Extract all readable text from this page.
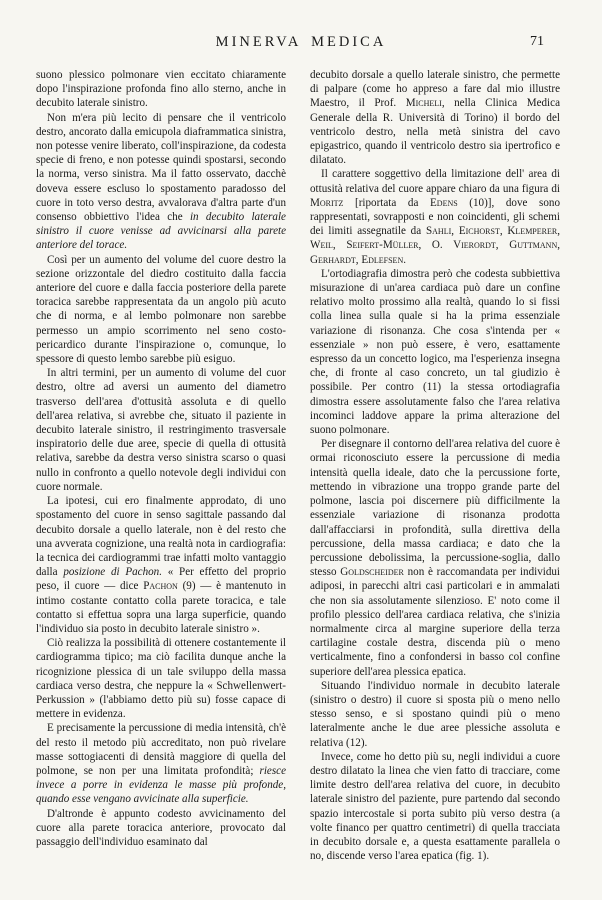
MINERVA MEDICA	71

suono plessico polmonare vien eccitato chiaramente dopo l'inspirazione profonda fino allo sterno, anche in decubito laterale sinistro.

Non m'era più lecito di pensare che il ventricolo destro, ancorato dalla emicupola diaframmatica sinistra, non potesse venire liberato, coll'inspirazione, da codesta specie di freno, e non potesse quindi spostarsi, secondo la norma, verso sinistra. Ma il fatto osservato, dacchè doveva essere escluso lo spostamento paradosso del cuore in toto verso destra, avvalorava d'altra parte d'un consenso obbiettivo l'idea che in decubito laterale sinistro il cuore venisse ad avvicinarsi alla parete anteriore del torace.

Così per un aumento del volume del cuore destro la sezione orizzontale del diedro costituito dalla faccia anteriore del cuore e dalla faccia posteriore della parete toracica sarebbe rappresentata da un angolo più acuto che di norma, e al lembo polmonare non sarebbe permesso un ampio scorrimento nel seno costo-pericardico durante l'inspirazione o, comunque, lo spessore di questo lembo sarebbe più esiguo.

In altri termini, per un aumento di volume del cuor destro, oltre ad aversi un aumento del diametro trasverso dell'area d'ottusità assoluta e di quello dell'area relativa, si avrebbe che, situato il paziente in decubito laterale sinistro, il restringimento trasversale inspiratorio delle due aree, specie di quella di ottusità relativa, sarebbe da destra verso sinistra scarso o quasi nullo in confronto a quello notevole degli individui con cuore normale.

La ipotesi, cui ero finalmente approdato, di uno spostamento del cuore in senso sagittale passando dal decubito dorsale a quello laterale, non è del resto che una avverata cognizione, una realtà nota in cardiografia: la tecnica dei cardiogrammi trae infatti molto vantaggio dalla posizione di Pachon. « Per effetto del proprio peso, il cuore — dice Pachon (9) — è mantenuto in intimo costante contatto colla parete toracica, e tale contatto si effettua sopra una larga superficie, quando l'individuo sia posto in decubito laterale sinistro ».

Ciò realizza la possibilità di ottenere costantemente il cardiogramma tipico; ma ciò facilita dunque anche la ricognizione plessica di un tale sviluppo della massa cardiaca verso destra, che neppure la « Schwellenwert-Perkussion » (l'abbiamo detto più su) fosse capace di mettere in evidenza.

E precisamente la percussione di media intensità, ch'è del resto il metodo più accreditato, non può rivelare masse sottogiacenti di densità maggiore di quella del polmone, se non per una limitata profondità; riesce invece a porre in evidenza le masse più profonde, quando esse vengano avvicinate alla superficie.

D'altronde è appunto codesto avvicinamento del cuore alla parete toracica anteriore, provocato dal passaggio dell'individuo esaminato dal

decubito dorsale a quello laterale sinistro, che permette di palpare (come ho appreso a fare dal mio illustre Maestro, il Prof. Micheli, nella Clinica Medica Generale della R. Università di Torino) il bordo del ventricolo destro, nella metà sinistra del cavo epigastrico, quando il ventricolo destro sia ipertrofico e dilatato.

Il carattere soggettivo della limitazione dell' area di ottusità relativa del cuore appare chiaro da una figura di Moritz [riportata da Edens (10)], dove sono rappresentati, sovrapposti e non coincidenti, gli schemi dei limiti assegnatile da Sahli, Eichorst, Klemperer, Weil, Seifert-Müller, O. Vierordt, Guttmann, Gerhardt, Edlefsen.

L'ortodiagrafia dimostra però che codesta subbiettiva misurazione di un'area cardiaca può dare un confine relativo molto prossimo alla realtà, quando lo si fissi colla linea sulla quale si ha la prima essenziale variazione di risonanza. Che cosa s'intenda per « essenziale » non può essere, è vero, esattamente espresso da un concetto logico, ma l'esperienza insegna che, di fronte al caso concreto, un tal giudizio è possibile. Per contro (11) la stessa ortodiagrafia dimostra essere assolutamente falso che l'area relativa incominci laddove appare la prima alterazione del suono polmonare.

Per disegnare il contorno dell'area relativa del cuore è ormai riconosciuto essere la percussione di media intensità quella ideale, dato che la percussione forte, mettendo in vibrazione una troppo grande parte del polmone, lascia poi discernere più difficilmente la essenziale variazione di risonanza prodotta dall'affacciarsi in profondità, sulla direttiva della percussione, della massa cardiaca; e dato che la percussione debolissima, la percussione-soglia, dallo stesso Goldscheider non è raccomandata per individui adiposi, in parecchi altri casi particolari e in ammalati che non sia assolutamente silenzioso. E' noto come il profilo plessico dell'area cardiaca relativa, che s'inizia normalmente circa al margine superiore della terza cartilagine costale destra, discenda più o meno verticalmente, fino a confondersi in basso col confine superiore dell'area plessica epatica.

Situando l'individuo normale in decubito laterale (sinistro o destro) il cuore si sposta più o meno nello stesso senso, e si spostano quindi più o meno lateralmente anche le due aree plessiche assoluta e relativa (12).

Invece, come ho detto più su, negli individui a cuore destro dilatato la linea che vien fatto di tracciare, come limite destro dell'area relativa del cuore, in decubito laterale sinistro del paziente, pure partendo dal secondo spazio intercostale si porta subito più verso destra (a volte financo per quattro centimetri) di quella tracciata in decubito dorsale e, a questa esattamente parallela o no, discende verso l'area epatica (fig. 1).
